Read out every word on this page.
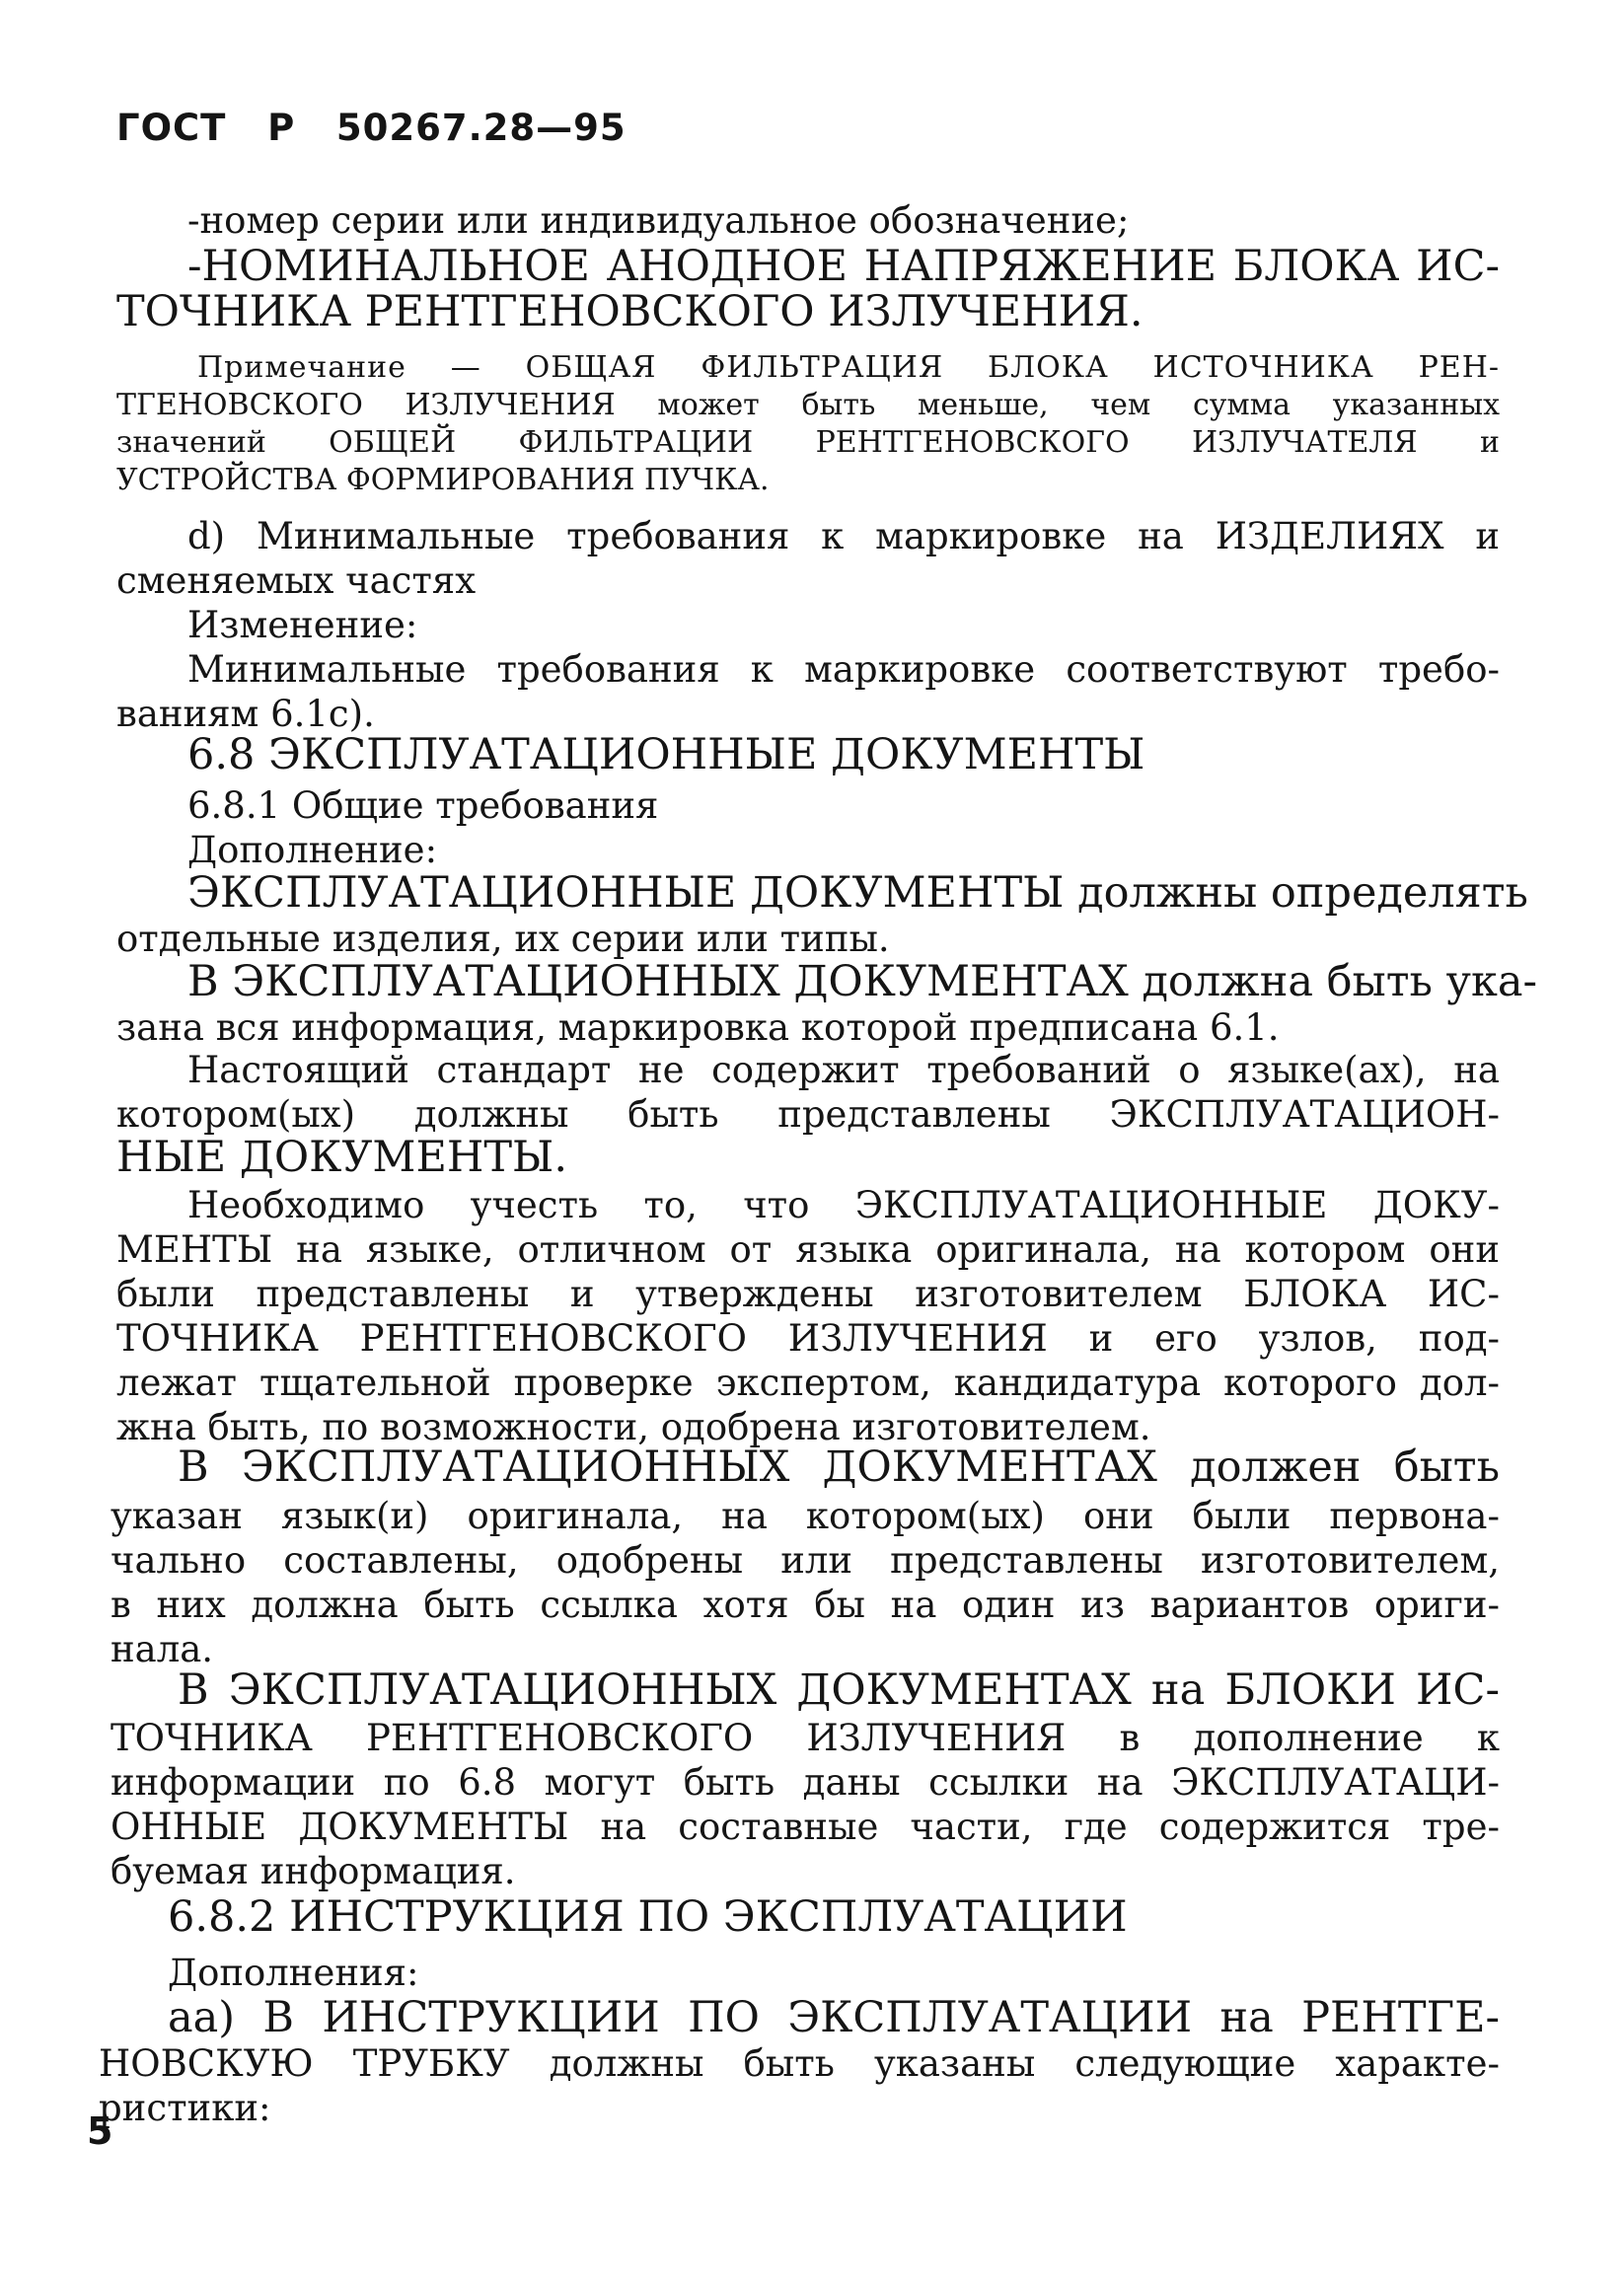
ГОСТ Р 50267.28—95
-номер серии или индивидуальное обозначение;
-НОМИНАЛЬНОЕ АНОДНОЕ НАПРЯЖЕНИЕ БЛОКА ИС-
ТОЧНИКА РЕНТГЕНОВСКОГО ИЗЛУЧЕНИЯ.
Примечание — ОБЩАЯ ФИЛЬТРАЦИЯ БЛОКА ИСТОЧНИКА РЕН-
ТГЕНОВСКОГО ИЗЛУЧЕНИЯ может быть меньше, чем сумма указанных
значений ОБЩЕЙ ФИЛЬТРАЦИИ РЕНТГЕНОВСКОГО ИЗЛУЧАТЕЛЯ и
УСТРОЙСТВА ФОРМИРОВАНИЯ ПУЧКА.
d) Минимальные требования к маркировке на ИЗДЕЛИЯХ и
сменяемых частях
Изменение:
Минимальные требования к маркировке соответствуют требо-
ваниям 6.1с).
6.8 ЭКСПЛУАТАЦИОННЫЕ ДОКУМЕНТЫ
6.8.1 Общие требования
Дополнение:
ЭКСПЛУАТАЦИОННЫЕ ДОКУМЕНТЫ должны определять
отдельные изделия, их серии или типы.
В ЭКСПЛУАТАЦИОННЫХ ДОКУМЕНТАХ должна быть ука-
зана вся информация, маркировка которой предписана 6.1.
Настоящий стандарт не содержит требований о языке(ах), на
котором(ых) должны быть представлены ЭКСПЛУАТАЦИОН-
НЫЕ ДОКУМЕНТЫ.
Необходимо учесть то, что ЭКСПЛУАТАЦИОННЫЕ ДОКУ-
МЕНТЫ на языке, отличном от языка оригинала, на котором они
были представлены и утверждены изготовителем БЛОКА ИС-
ТОЧНИКА РЕНТГЕНОВСКОГО ИЗЛУЧЕНИЯ и его узлов, под-
лежат тщательной проверке экспертом, кандидатура которого дол-
жна быть, по возможности, одобрена изготовителем.
В ЭКСПЛУАТАЦИОННЫХ ДОКУМЕНТАХ должен быть
указан язык(и) оригинала, на котором(ых) они были первона-
чально составлены, одобрены или представлены изготовителем,
в них должна быть ссылка хотя бы на один из вариантов ориги-
нала.
В ЭКСПЛУАТАЦИОННЫХ ДОКУМЕНТАХ на БЛОКИ ИС-
ТОЧНИКА РЕНТГЕНОВСКОГО ИЗЛУЧЕНИЯ в дополнение к
информации по 6.8 могут быть даны ссылки на ЭКСПЛУАТАЦИ-
ОННЫЕ ДОКУМЕНТЫ на составные части, где содержится тре-
буемая информация.
6.8.2 ИНСТРУКЦИЯ ПО ЭКСПЛУАТАЦИИ
Дополнения:
аа) В ИНСТРУКЦИИ ПО ЭКСПЛУАТАЦИИ на РЕНТГЕ-
НОВСКУЮ ТРУБКУ должны быть указаны следующие характе-
ристики:
5
